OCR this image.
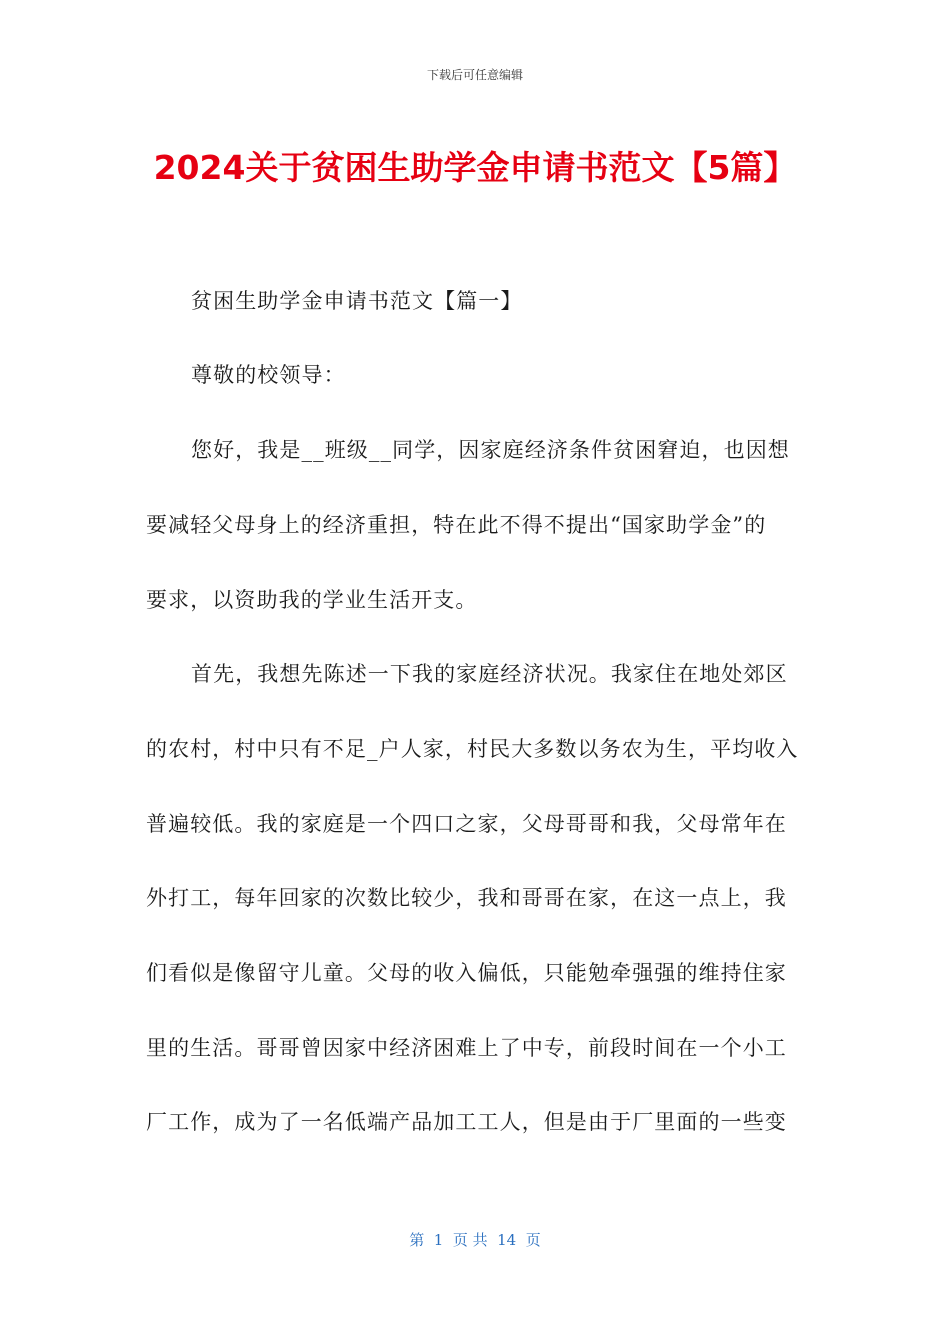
下载后可任意编辑
2024关于贫困生助学金申请书范文【5篇】
贫困生助学金申请书范文【篇一】
尊敬的校领导：
您好，我是__班级__同学，因家庭经济条件贫困窘迫，也因想
要减轻父母身上的经济重担，特在此不得不提出“国家助学金”的
要求，以资助我的学业生活开支。
首先，我想先陈述一下我的家庭经济状况。我家住在地处郊区
的农村，村中只有不足_户人家，村民大多数以务农为生，平均收入
普遍较低。我的家庭是一个四口之家，父母哥哥和我，父母常年在
外打工，每年回家的次数比较少，我和哥哥在家，在这一点上，我
们看似是像留守儿童。父母的收入偏低，只能勉牵强强的维持住家
里的生活。哥哥曾因家中经济困难上了中专，前段时间在一个小工
厂工作，成为了一名低端产品加工工人，但是由于厂里面的一些变
第  1  页 共  14  页
